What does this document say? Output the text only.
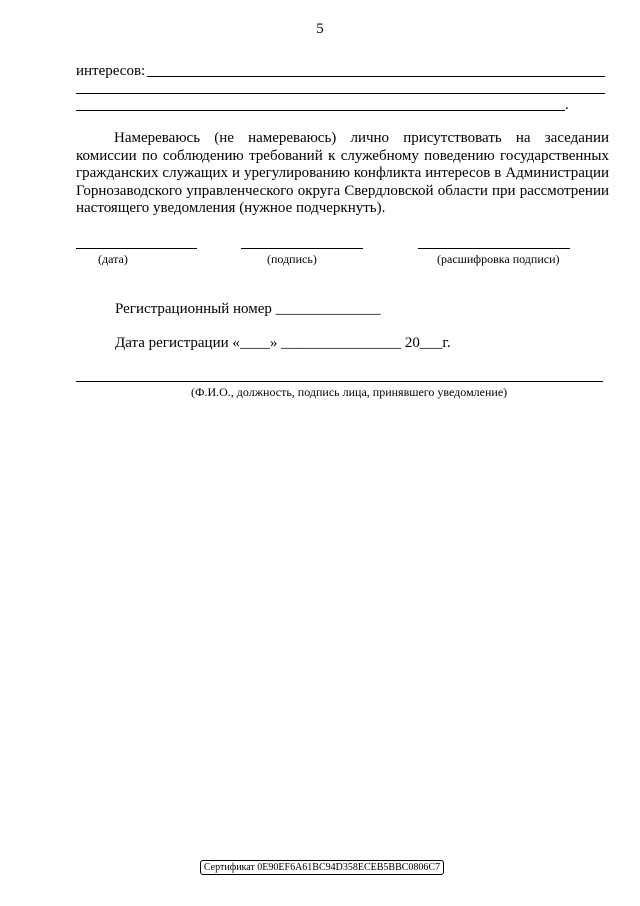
5
интересов:
.
Намереваюсь (не намереваюсь) лично присутствовать на заседании комиссии по соблюдению требований к служебному поведению государственных гражданских служащих и урегулированию конфликта интересов в Администрации Горнозаводского управленческого округа Свердловской области при рассмотрении настоящего уведомления (нужное подчеркнуть).
(дата)	(подпись)	(расшифровка подписи)
Регистрационный номер ______________
Дата регистрации «____» ________________ 20___г.
(Ф.И.О., должность, подпись лица, принявшего уведомление)
Сертификат 0E90EF6A61BC94D358ECEB5BBC0806C7
